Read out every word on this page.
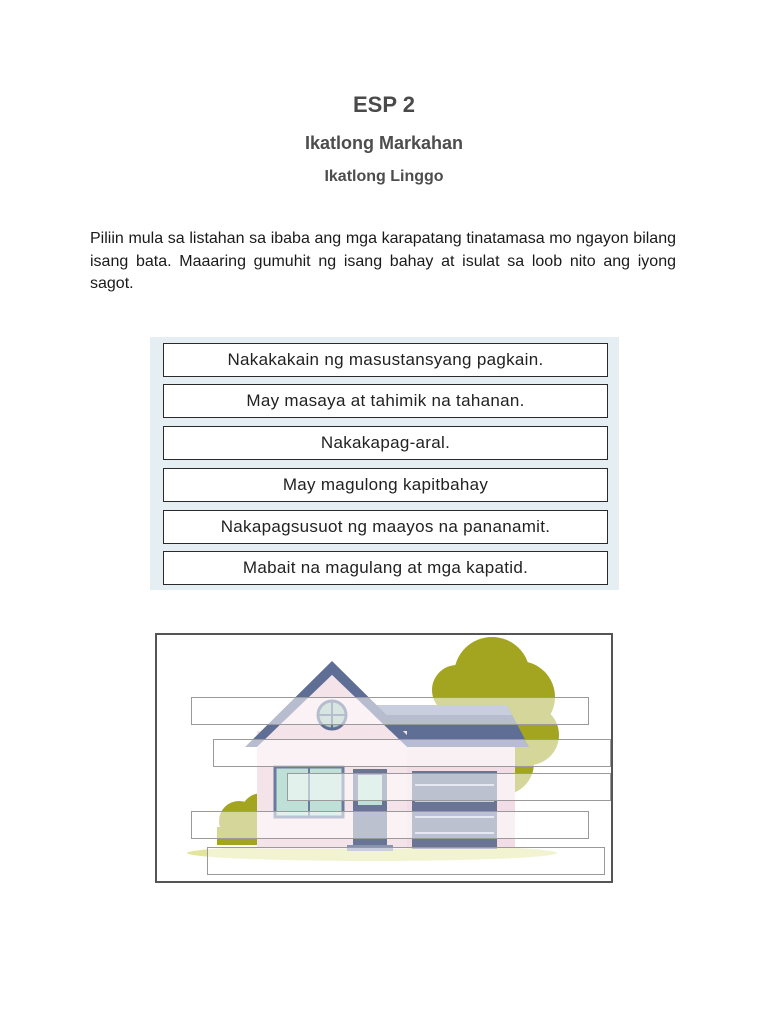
ESP 2
Ikatlong Markahan
Ikatlong Linggo
Piliin mula sa listahan sa ibaba ang mga karapatang tinatamasa mo ngayon bilang isang bata. Maaaring gumuhit ng isang bahay at isulat sa loob nito ang iyong sagot.
Nakakakain ng masustansyang pagkain.
May masaya at tahimik na tahanan.
Nakakapag-aral.
May magulong kapitbahay
Nakapagsusuot ng maayos na pananamit.
Mabait na magulang at mga kapatid.
